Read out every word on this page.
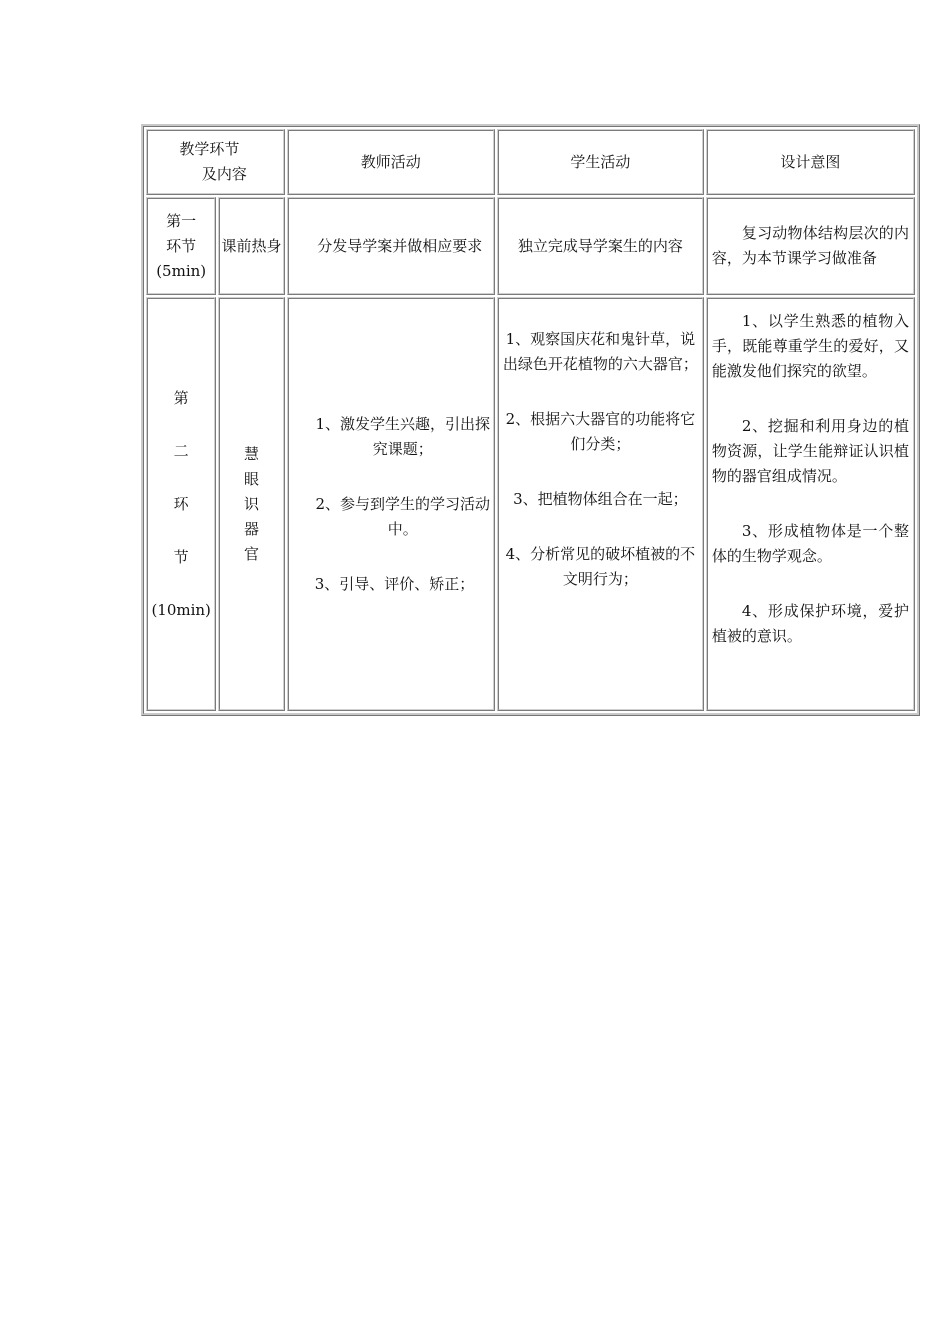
教学环节
及内容		教师活动	学生活动	设计意图

第一
环节
(5min)	课前热身	分发导学案并做相应要求	独立完成导学案生的内容	复习动物体结构层次的内容，为本节课学习做准备

第
二
环
节
(10min)	慧
眼
识
器
官	1、激发学生兴趣，引出探究课题；
2、参与到学生的学习活动中。
3、引导、评价、矫正；	1、观察国庆花和鬼针草，说出绿色开花植物的六大器官；
2、根据六大器官的功能将它们分类；
3、把植物体组合在一起；
4、分析常见的破坏植被的不文明行为；	1、以学生熟悉的植物入手，既能尊重学生的爱好，又能激发他们探究的欲望。
2、挖掘和利用身边的植物资源，让学生能辩证认识植物的器官组成情况。
3、形成植物体是一个整体的生物学观念。
4、形成保护环境，爱护植被的意识。
